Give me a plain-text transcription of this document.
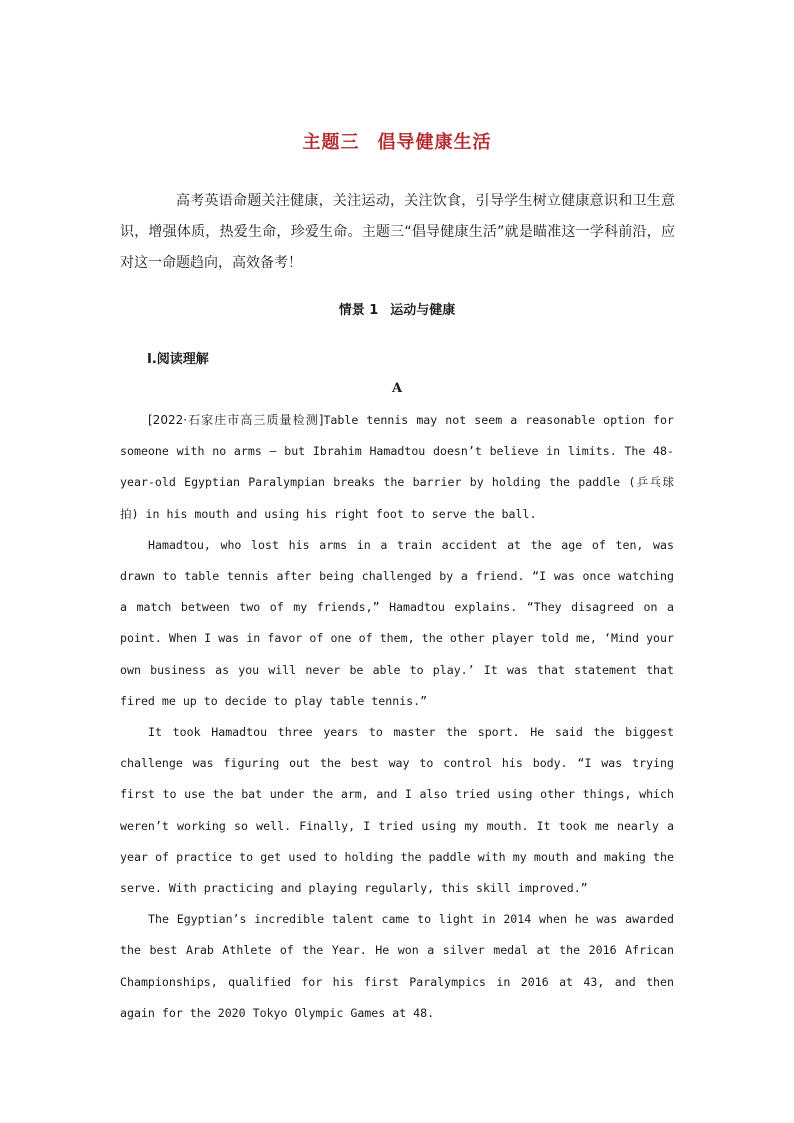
主题三 倡导健康生活

高考英语命题关注健康，关注运动，关注饮食，引导学生树立健康意识和卫生意识，增强体质，热爱生命，珍爱生命。主题三“倡导健康生活”就是瞄准这一学科前沿，应对这一命题趋向，高效备考！

情景 1 运动与健康
Ⅰ.阅读理解
A

[2022·石家庄市高三质量检测]Table tennis may not seem a reasonable option for someone with no arms — but Ibrahim Hamadtou doesn’t believe in limits. The 48-year-old Egyptian Paralympian breaks the barrier by holding the paddle (乒乓球拍) in his mouth and using his right foot to serve the ball.

Hamadtou, who lost his arms in a train accident at the age of ten, was drawn to table tennis after being challenged by a friend. “I was once watching a match between two of my friends,” Hamadtou explains. “They disagreed on a point. When I was in favor of one of them, the other player told me, ‘Mind your own business as you will never be able to play.’ It was that statement that fired me up to decide to play table tennis.”

It took Hamadtou three years to master the sport. He said the biggest challenge was figuring out the best way to control his body. “I was trying first to use the bat under the arm, and I also tried using other things, which weren’t working so well. Finally, I tried using my mouth. It took me nearly a year of practice to get used to holding the paddle with my mouth and making the serve. With practicing and playing regularly, this skill improved.”

The Egyptian’s incredible talent came to light in 2014 when he was awarded the best Arab Athlete of the Year. He won a silver medal at the 2016 African Championships, qualified for his first Paralympics in 2016 at 43, and then again for the 2020 Tokyo Olympic Games at 48.
